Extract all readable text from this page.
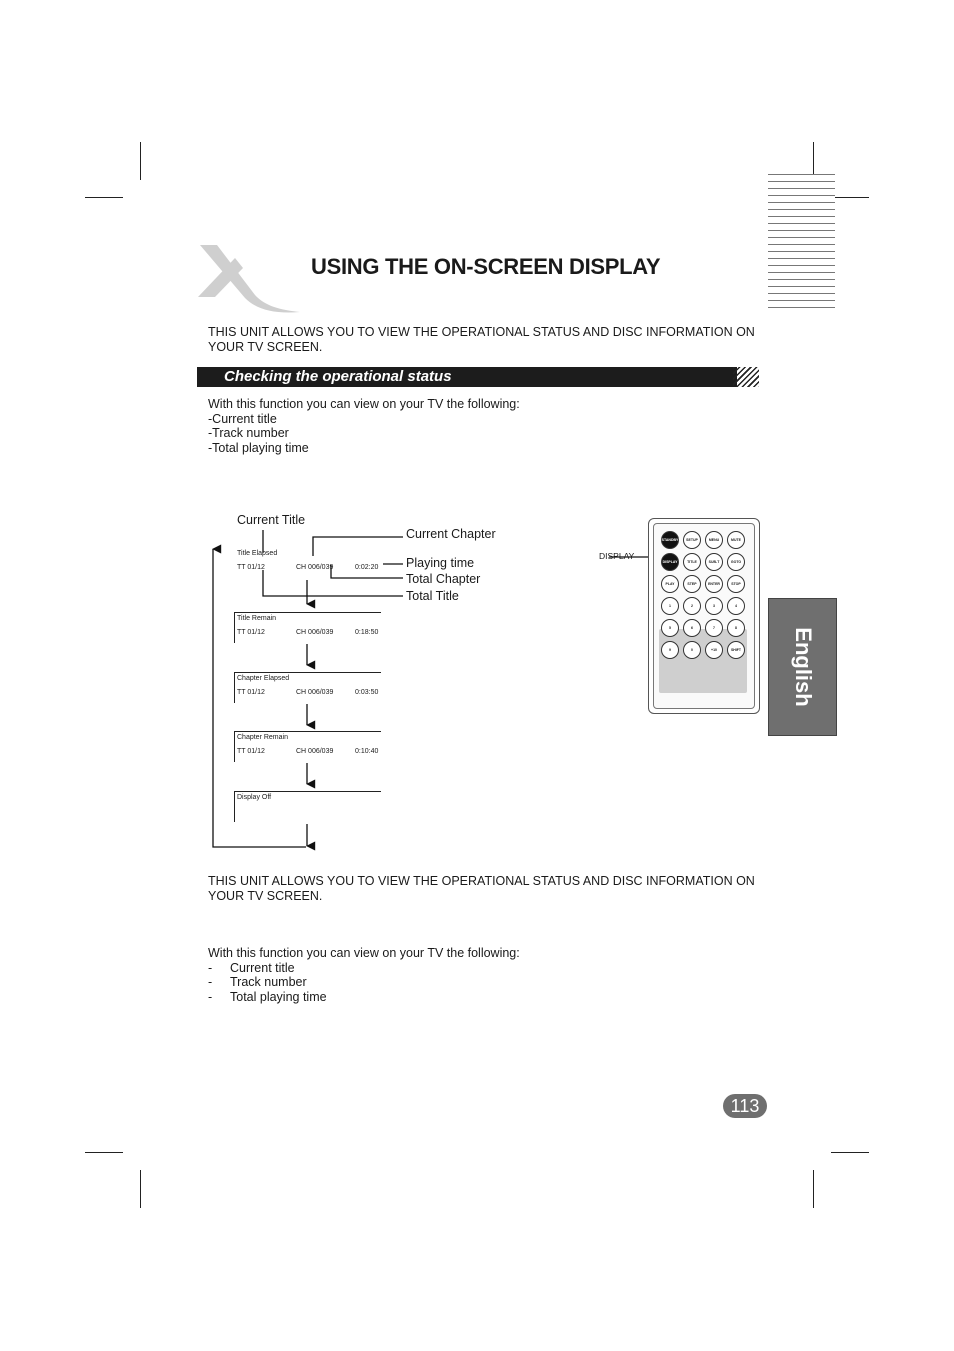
USING THE ON-SCREEN DISPLAY
THIS UNIT ALLOWS YOU TO VIEW THE OPERATIONAL STATUS AND DISC INFORMATION ON YOUR TV SCREEN.
Checking the operational status
With this function you can view on your TV the following:
-Current title
-Track number
-Total playing time
Current Title
Current Chapter
Playing time
Total Chapter
Total Title
Title Elapsed
TT 01/12	CH 006/039	0:02:20
Title Remain
TT 01/12	CH 006/039	0:18:50
Chapter Elapsed
TT 01/12	CH 006/039	0:03:50
Chapter Remain
TT 01/12	CH 006/039	0:10:40
Display Off
DISPLAY
STANDBY	SETUP	MENU	MUTE
DISPLAY	TITLE	SUB-T	GOTO
PLAY	STEP	ENTER	STOP
1	2	3	4
5	6	7	8
9	0	+10	SHIFT English
THIS UNIT ALLOWS YOU TO VIEW THE OPERATIONAL STATUS AND DISC INFORMATION ON YOUR TV SCREEN.
With this function you can view on your TV the following:
- Current title
- Track number
- Total playing time
113
